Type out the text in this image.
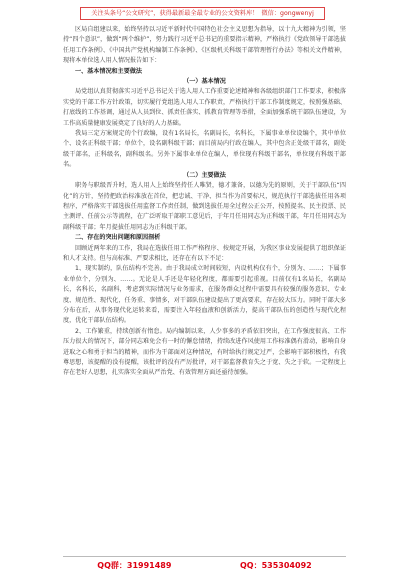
关注头条号“公文研究”，获得最新最全最专业的公文资料库！ 微信：gongwenyj

区局自组建以来，始终坚持以习近平新时代中国特色社会主义思想为指导，以十九大精神为引领，坚持“四个意识”，做到“两个维护”，努力践行习近平总书记的重要指示精神，严格执行《党政领导干部选拔任用工作条例》、《中国共产党机构编制工作条例》、《区级机关科级干部管理暂行办法》等相关文件精神，现将本单位选人用人情况报告如下：

一、基本情况和主要做法

（一）基本情况

局党组认真贯彻落实习近平总书记关于选人用人工作重要论述精神和各级组织部门工作要求，积极落实党的干部工作方针政策，切实履行党组选人用人工作职责，严格执行干部工作制度规定，按照强基础、打底线的工作基调，通过从人员到位、抓责任落实、抓教育管理等举措，全面加强系统干部队伍建设，为工作高质量健康发展奠定了良好的人力基础。

我局三定方案规定的个行政编，设有1名局长，名副局长，名科长，下属事业单位设编个，其中单位个、设名正科级干部；单位个，设名副科级干部；而目前局内行政在编人，其中包含正处级干部名，副处级干部名，正科级名，副科级名。另外下属事业单位在编人，单位现有科级干部名，单位现有科级干部名。

（二）主要做法

职务与职级晋升时，选人用人上始终坚持任人唯贤，德才兼备，以德为先的原则，关于干部队伍“四化”的方针，坚持把政治标准放在首位，把忠诚、干净、担当作为首要标尺，规范执行干部选拔任用各项程序，严格落实干部选拔任用监督工作责任制，做到选拔任用全过程公正公开，按照提名、民主投票、民主测评、任前公示等流程，在广泛听取干部职工意见后，于年月任用同志为正科级干部，年月任用同志为副科级干部；年月提拔任用同志为正科级干部。

二、存在的突出问题和原因剖析

回顾近两年来的工作，我局在选拔任用工作严格程序、按规定开展，为我区事业发展提供了组织保证和人才支持。但与高标准、严要求相比，还存在有以下不足：

1、现实制约，队伍结构不完善。由于我局成立时间较短，内设机构仅有个，分别为、……；下属事业单位个，分别为、……。无论是人手还是年轻化程度，都需要引起重视。目前仅有1名局长，名副局长，名科长，名副科，考虑到实际情况与业务需求，在服务群众过程中需要具有较强的服务意识、专业度、规范性、现代化，任务重、事情多，对干部队伍建设提出了更高要求，存在较大压力。同时干部大多分布在后，从事务现代化运转来看，需要注入年轻血液和创新活力，提高干部队伍的创造性与现代化程度，优化干部队伍结构。

2、工作繁重，持续创新有惰怠。局内编制以来，人少事多的矛盾依旧突出，在工作强度很高、工作压力很大的情况下，部分同志难免会有一时的懈怠情绪，持续改进作风使用工作标准偶有滑动，影响自身迸取之心和勇于担当的精神，而作为干部面对这种情况，有时给执行规定过严，会影响干部积极性，有我尊思想，该提醒的没有提醒，该批评的没有严厉批评，对干部监督教育失之于宽、失之于软。一定程度上存在老好人思想，扎实落实全面从严治党、有效管理方面还亟待加强。

QQ群：31991489	QQ：535304092
